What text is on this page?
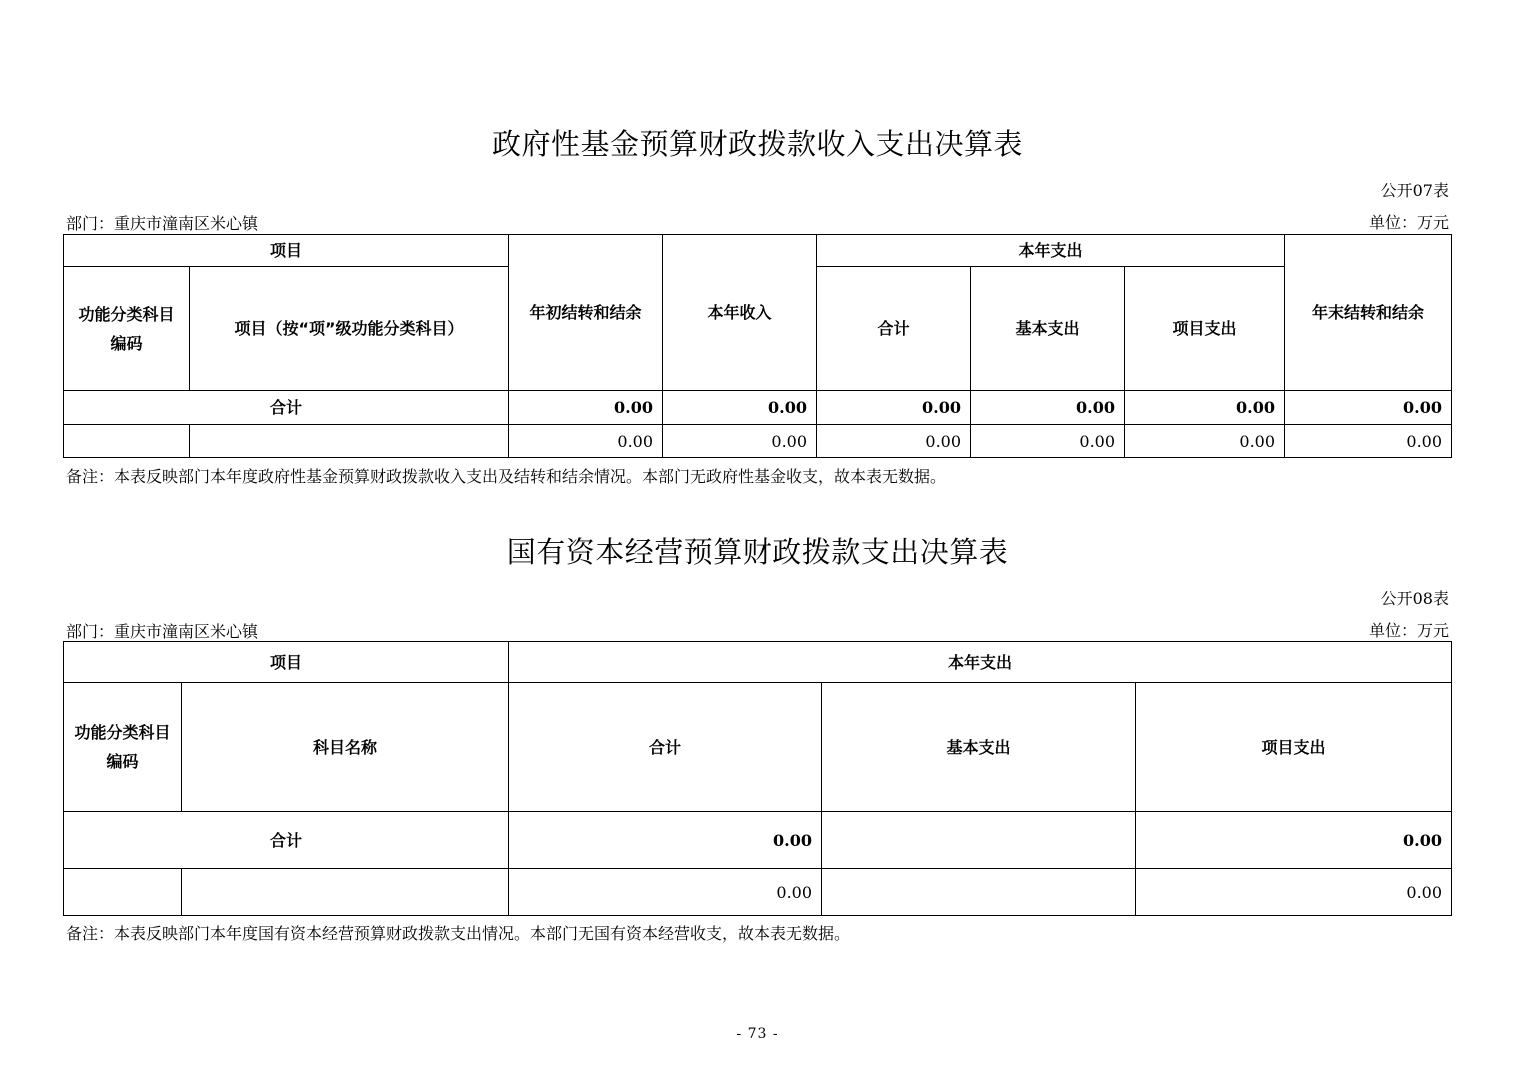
政府性基金预算财政拨款收入支出决算表
公开07表
部门：重庆市潼南区米心镇	单位：万元
项目		年初结转和结余	本年收入	本年支出			年末结转和结余
功能分类科目编码	项目（按“项”级功能分类科目）			合计	基本支出	项目支出	
合计		0.00	0.00	0.00	0.00	0.00	0.00
		0.00	0.00	0.00	0.00	0.00	0.00
备注：本表反映部门本年度政府性基金预算财政拨款收入支出及结转和结余情况。本部门无政府性基金收支，故本表无数据。
国有资本经营预算财政拨款支出决算表
公开08表
部门：重庆市潼南区米心镇	单位：万元
项目		本年支出		
功能分类科目编码	科目名称	合计	基本支出	项目支出
合计		0.00		0.00
		0.00		0.00
备注：本表反映部门本年度国有资本经营预算财政拨款支出情况。本部门无国有资本经营收支，故本表无数据。
- 73 -
